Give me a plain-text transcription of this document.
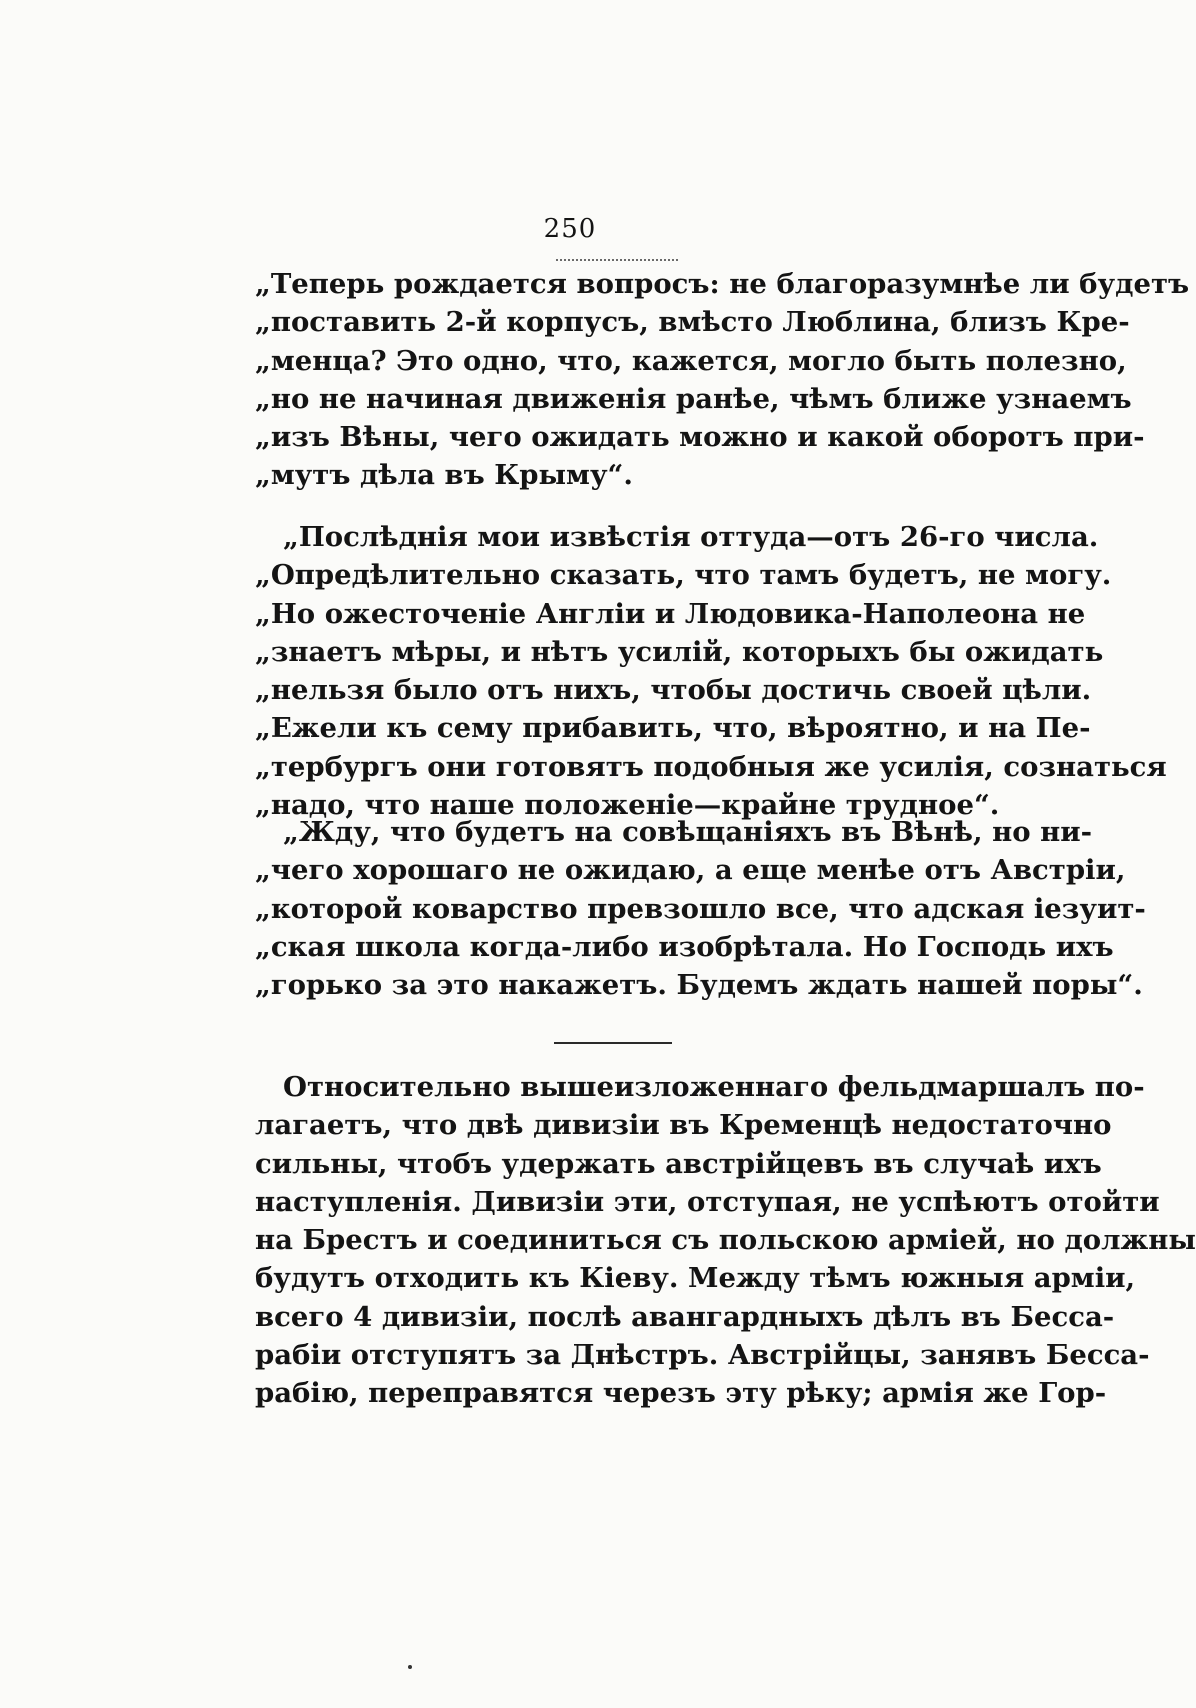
250
„Теперь рождается вопросъ: не благоразумнѣе ли будетъ
„поставить 2-й корпусъ, вмѣсто Люблина, близъ Кре-
„менца? Это одно, что, кажется, могло быть полезно,
„но не начиная движенія ранѣе, чѣмъ ближе узнаемъ
„изъ Вѣны, чего ожидать можно и какой оборотъ при-
„мутъ дѣла въ Крыму“.
„Послѣднія мои извѣстія оттуда—отъ 26-го числа.
„Опредѣлительно сказать, что тамъ будетъ, не могу.
„Но ожесточеніе Англіи и Людовика-Наполеона не
„знаетъ мѣры, и нѣтъ усилій, которыхъ бы ожидать
„нельзя было отъ нихъ, чтобы достичь своей цѣли.
„Ежели къ сему прибавить, что, вѣроятно, и на Пе-
„тербургъ они готовятъ подобныя же усилія, сознаться
„надо, что наше положеніе—крайне трудное“.
„Жду, что будетъ на совѣщаніяхъ въ Вѣнѣ, но ни-
„чего хорошаго не ожидаю, а еще менѣе отъ Австріи,
„которой коварство превзошло все, что адская іезуит-
„ская школа когда-либо изобрѣтала. Но Господь ихъ
„горько за это накажетъ. Будемъ ждать нашей поры“.
Относительно вышеизложеннаго фельдмаршалъ по-
лагаетъ, что двѣ дивизіи въ Кременцѣ недостаточно
сильны, чтобъ удержать австрійцевъ въ случаѣ ихъ
наступленія. Дивизіи эти, отступая, не успѣютъ отойти
на Брестъ и соединиться съ польскою арміей, но должны
будутъ отходить къ Кіеву. Между тѣмъ южныя арміи,
всего 4 дивизіи, послѣ авангардныхъ дѣлъ въ Бесса-
рабіи отступятъ за Днѣстръ. Австрійцы, занявъ Бесса-
рабію, переправятся черезъ эту рѣку; армія же Гор-
